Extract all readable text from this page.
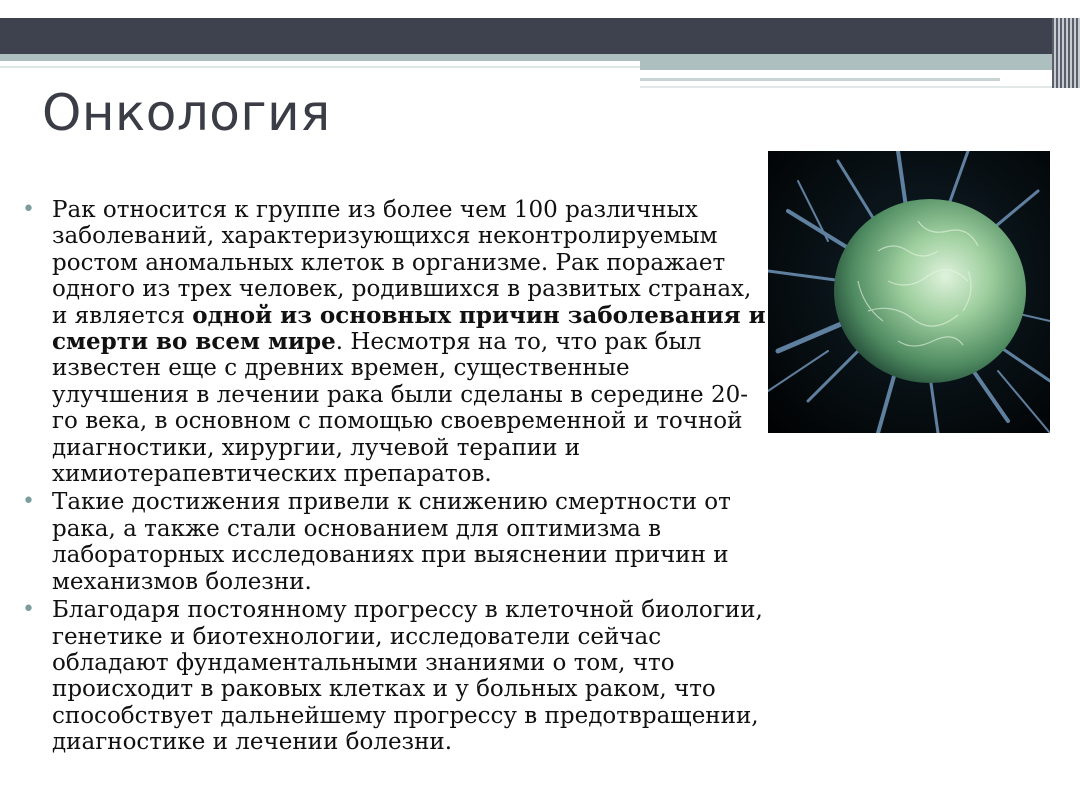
Онкология
• Рак относится к группе из более чем 100 различных заболеваний, характеризующихся неконтролируемым ростом аномальных клеток в организме. Рак поражает одного из трех человек, родившихся в развитых странах, и является одной из основных причин заболевания и смерти во всем мире. Несмотря на то, что рак был известен еще с древних времен, существенные улучшения в лечении рака были сделаны в середине 20-го века, в основном с помощью своевременной и точной диагностики, хирургии, лучевой терапии и химиотерапевтических препаратов.
• Такие достижения привели к снижению смертности от рака, а также стали основанием для оптимизма в лабораторных исследованиях при выяснении причин и механизмов болезни.
• Благодаря постоянному прогрессу в клеточной биологии, генетике и биотехнологии, исследователи сейчас обладают фундаментальными знаниями о том, что происходит в раковых клетках и у больных раком, что способствует дальнейшему прогрессу в предотвращении, диагностике и лечении болезни.
